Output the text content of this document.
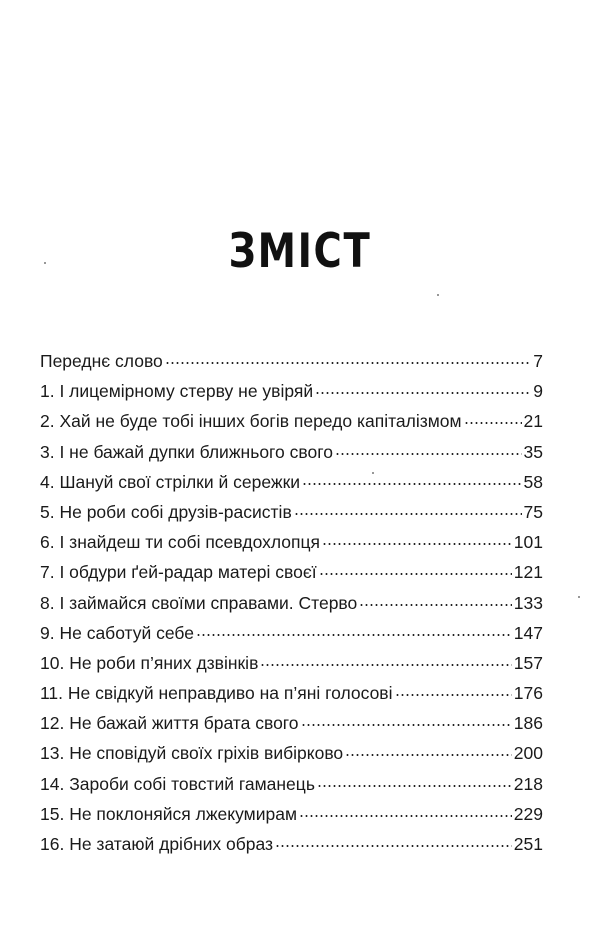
ЗМІСТ
Переднє слово	7
1. І лицемірному стерву не увіряй	9
2. Хай не буде тобі інших богів передо капіталізмом	21
3. І не бажай дупки ближнього свого	35
4. Шануй свої стрілки й сережки	58
5. Не роби собі друзів-расистів	75
6. І знайдеш ти собі псевдохлопця	101
7. І обдури ґей-радар матері своєї	121
8. І займайся своїми справами. Стерво	133
9. Не саботуй себе	147
10. Не роби п’яних дзвінків	157
11. Не свідкуй неправдиво на п’яні голосові	176
12. Не бажай життя брата свого	186
13. Не сповідуй своїх гріхів вибірково	200
14. Зароби собі товстий гаманець	218
15. Не поклоняйся лжекумирам	229
16. Не затаюй дрібних образ	251
